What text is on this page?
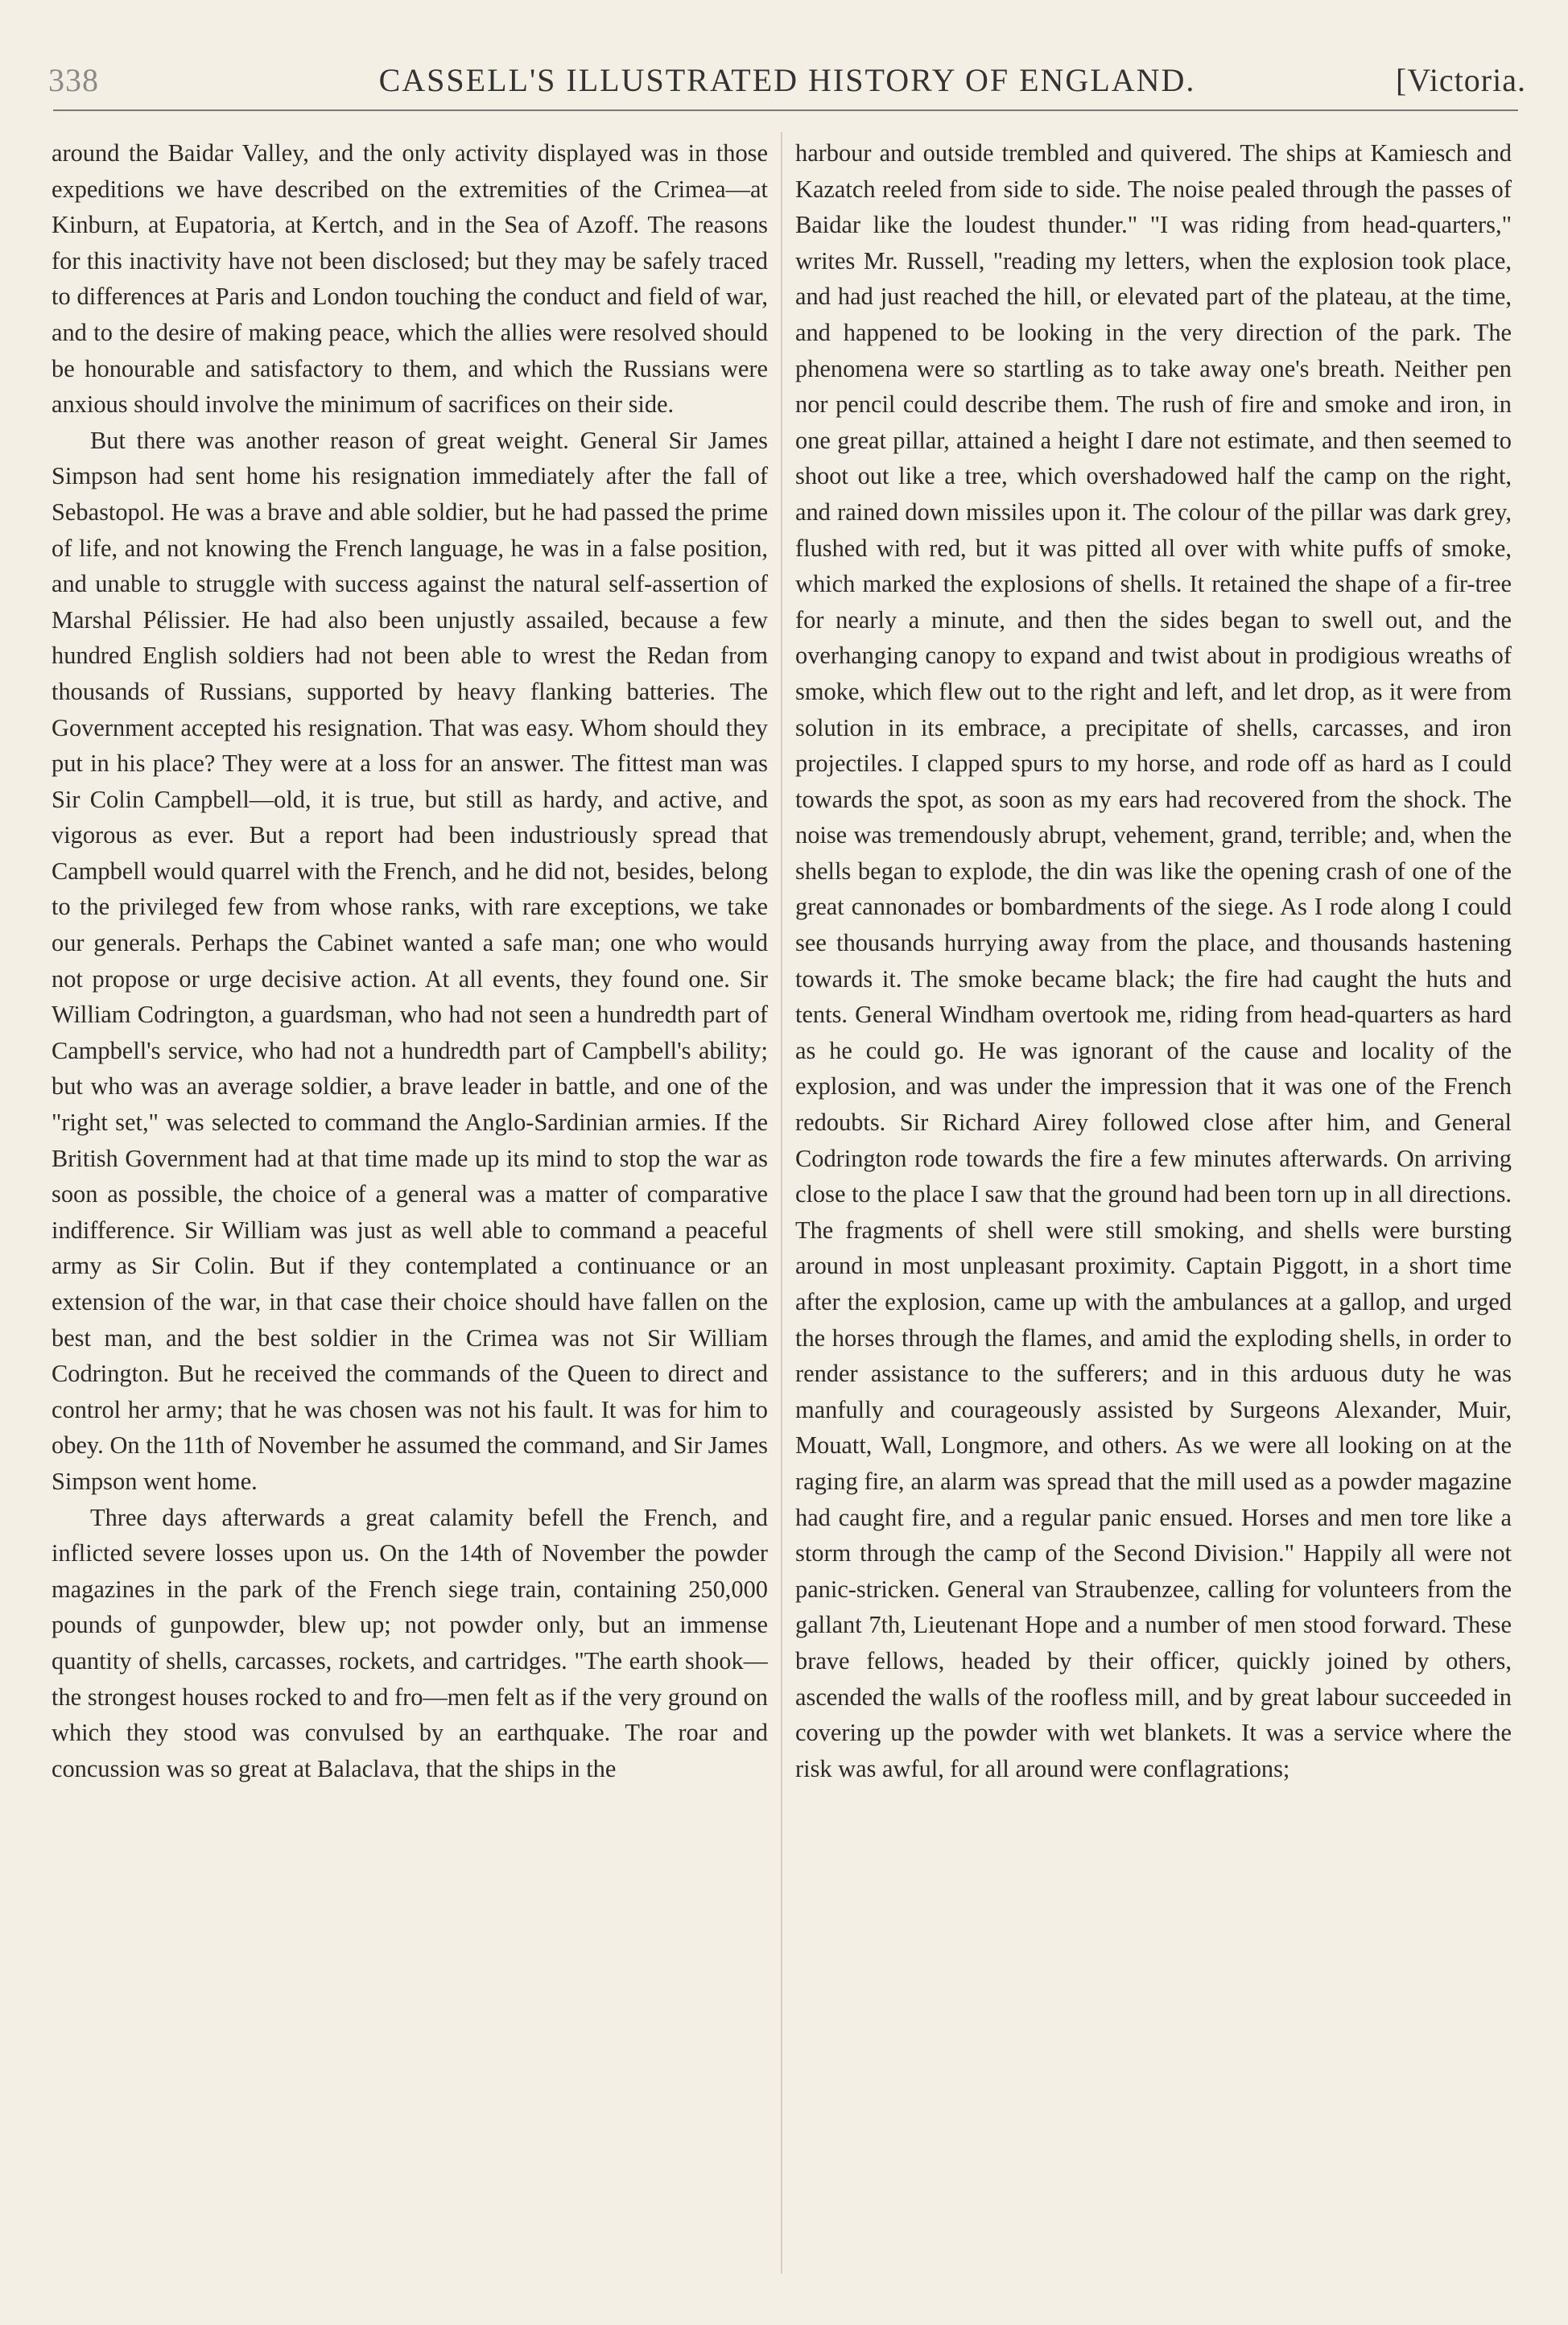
338	CASSELL'S ILLUSTRATED HISTORY OF ENGLAND.	[Victoria.

around the Baidar Valley, and the only activity displayed was in those expeditions we have described on the extremities of the Crimea—at Kinburn, at Eupatoria, at Kertch, and in the Sea of Azoff. The reasons for this inactivity have not been disclosed; but they may be safely traced to differences at Paris and London touching the conduct and field of war, and to the desire of making peace, which the allies were resolved should be honourable and satisfactory to them, and which the Russians were anxious should involve the minimum of sacrifices on their side.

But there was another reason of great weight. General Sir James Simpson had sent home his resignation immediately after the fall of Sebastopol. He was a brave and able soldier, but he had passed the prime of life, and not knowing the French language, he was in a false position, and unable to struggle with success against the natural self-assertion of Marshal Pélissier. He had also been unjustly assailed, because a few hundred English soldiers had not been able to wrest the Redan from thousands of Russians, supported by heavy flanking batteries. The Government accepted his resignation. That was easy. Whom should they put in his place? They were at a loss for an answer. The fittest man was Sir Colin Campbell—old, it is true, but still as hardy, and active, and vigorous as ever. But a report had been industriously spread that Campbell would quarrel with the French, and he did not, besides, belong to the privileged few from whose ranks, with rare exceptions, we take our generals. Perhaps the Cabinet wanted a safe man; one who would not propose or urge decisive action. At all events, they found one. Sir William Codrington, a guardsman, who had not seen a hundredth part of Campbell's service, who had not a hundredth part of Campbell's ability; but who was an average soldier, a brave leader in battle, and one of the "right set," was selected to command the Anglo-Sardinian armies. If the British Government had at that time made up its mind to stop the war as soon as possible, the choice of a general was a matter of comparative indifference. Sir William was just as well able to command a peaceful army as Sir Colin. But if they contemplated a continuance or an extension of the war, in that case their choice should have fallen on the best man, and the best soldier in the Crimea was not Sir William Codrington. But he received the commands of the Queen to direct and control her army; that he was chosen was not his fault. It was for him to obey. On the 11th of November he assumed the command, and Sir James Simpson went home.

Three days afterwards a great calamity befell the French, and inflicted severe losses upon us. On the 14th of November the powder magazines in the park of the French siege train, containing 250,000 pounds of gunpowder, blew up; not powder only, but an immense quantity of shells, carcasses, rockets, and cartridges. "The earth shook—the strongest houses rocked to and fro—men felt as if the very ground on which they stood was convulsed by an earthquake. The roar and concussion was so great at Balaclava, that the ships in the

harbour and outside trembled and quivered. The ships at Kamiesch and Kazatch reeled from side to side. The noise pealed through the passes of Baidar like the loudest thunder." "I was riding from head-quarters," writes Mr. Russell, "reading my letters, when the explosion took place, and had just reached the hill, or elevated part of the plateau, at the time, and happened to be looking in the very direction of the park. The phenomena were so startling as to take away one's breath. Neither pen nor pencil could describe them. The rush of fire and smoke and iron, in one great pillar, attained a height I dare not estimate, and then seemed to shoot out like a tree, which overshadowed half the camp on the right, and rained down missiles upon it. The colour of the pillar was dark grey, flushed with red, but it was pitted all over with white puffs of smoke, which marked the explosions of shells. It retained the shape of a fir-tree for nearly a minute, and then the sides began to swell out, and the overhanging canopy to expand and twist about in prodigious wreaths of smoke, which flew out to the right and left, and let drop, as it were from solution in its embrace, a precipitate of shells, carcasses, and iron projectiles. I clapped spurs to my horse, and rode off as hard as I could towards the spot, as soon as my ears had recovered from the shock. The noise was tremendously abrupt, vehement, grand, terrible; and, when the shells began to explode, the din was like the opening crash of one of the great cannonades or bombardments of the siege. As I rode along I could see thousands hurrying away from the place, and thousands hastening towards it. The smoke became black; the fire had caught the huts and tents. General Windham overtook me, riding from head-quarters as hard as he could go. He was ignorant of the cause and locality of the explosion, and was under the impression that it was one of the French redoubts. Sir Richard Airey followed close after him, and General Codrington rode towards the fire a few minutes afterwards. On arriving close to the place I saw that the ground had been torn up in all directions. The fragments of shell were still smoking, and shells were bursting around in most unpleasant proximity. Captain Piggott, in a short time after the explosion, came up with the ambulances at a gallop, and urged the horses through the flames, and amid the exploding shells, in order to render assistance to the sufferers; and in this arduous duty he was manfully and courageously assisted by Surgeons Alexander, Muir, Mouatt, Wall, Longmore, and others. As we were all looking on at the raging fire, an alarm was spread that the mill used as a powder magazine had caught fire, and a regular panic ensued. Horses and men tore like a storm through the camp of the Second Division." Happily all were not panic-stricken. General van Straubenzee, calling for volunteers from the gallant 7th, Lieutenant Hope and a number of men stood forward. These brave fellows, headed by their officer, quickly joined by others, ascended the walls of the roofless mill, and by great labour succeeded in covering up the powder with wet blankets. It was a service where the risk was awful, for all around were conflagrations;
